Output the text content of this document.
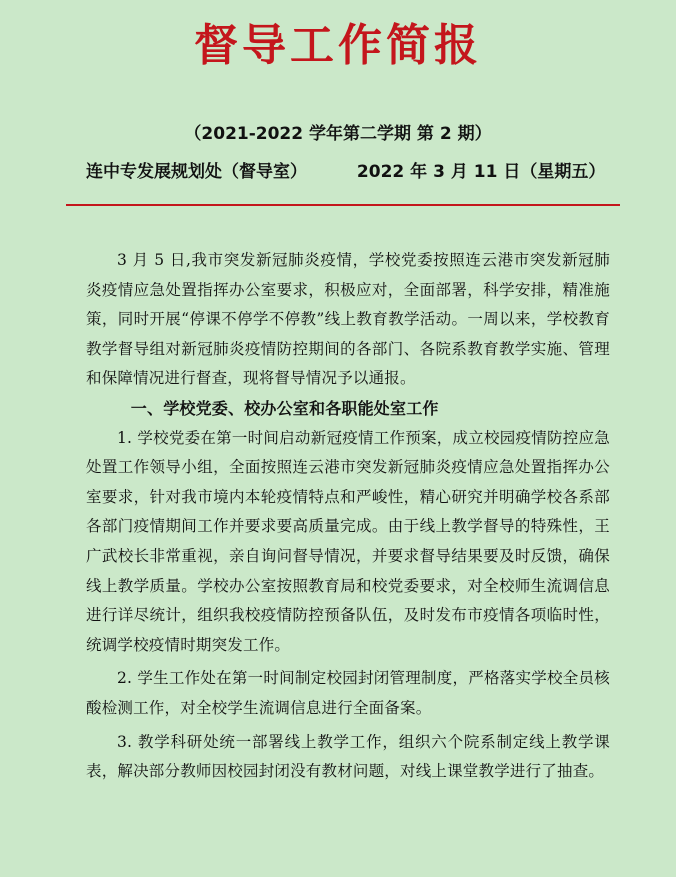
督导工作简报
（2021-2022 学年第二学期 第 2 期）
连中专发展规划处（督导室）	2022 年 3 月 11 日（星期五）

3 月 5 日,我市突发新冠肺炎疫情，学校党委按照连云港市突发新冠肺炎疫情应急处置指挥办公室要求，积极应对，全面部署，科学安排，精准施策，同时开展“停课不停学不停教”线上教育教学活动。一周以来，学校教育教学督导组对新冠肺炎疫情防控期间的各部门、各院系教育教学实施、管理和保障情况进行督查，现将督导情况予以通报。

一、学校党委、校办公室和各职能处室工作

1. 学校党委在第一时间启动新冠疫情工作预案，成立校园疫情防控应急处置工作领导小组，全面按照连云港市突发新冠肺炎疫情应急处置指挥办公室要求，针对我市境内本轮疫情特点和严峻性，精心研究并明确学校各系部各部门疫情期间工作并要求要高质量完成。由于线上教学督导的特殊性，王广武校长非常重视，亲自询问督导情况，并要求督导结果要及时反馈，确保线上教学质量。学校办公室按照教育局和校党委要求，对全校师生流调信息进行详尽统计，组织我校疫情防控预备队伍，及时发布市疫情各项临时性，统调学校疫情时期突发工作。

2. 学生工作处在第一时间制定校园封闭管理制度，严格落实学校全员核酸检测工作，对全校学生流调信息进行全面备案。

3. 教学科研处统一部署线上教学工作，组织六个院系制定线上教学课表，解决部分教师因校园封闭没有教材问题，对线上课堂教学进行了抽查。
